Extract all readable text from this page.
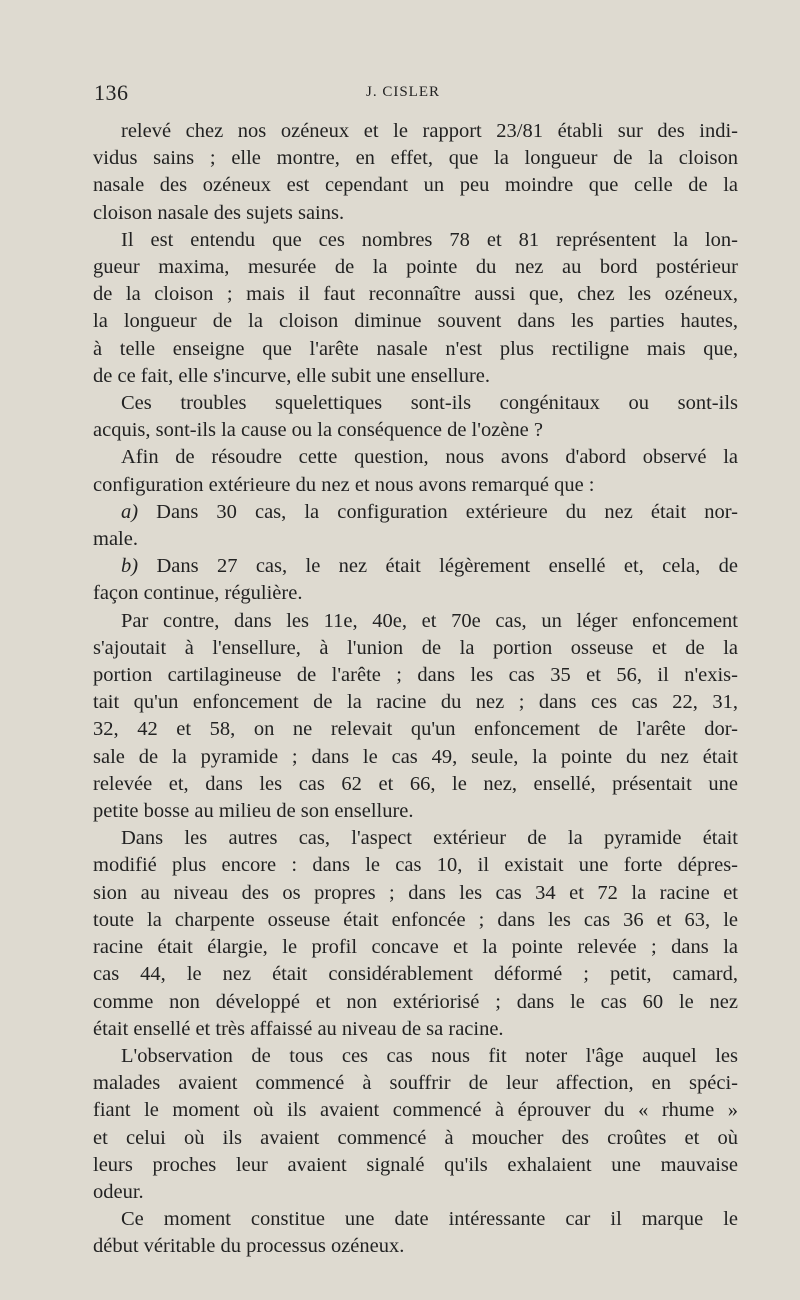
136	J. CISLER
relevé chez nos ozéneux et le rapport 23/81 établi sur des indi-
vidus sains ; elle montre, en effet, que la longueur de la cloison
nasale des ozéneux est cependant un peu moindre que celle de la
cloison nasale des sujets sains.
Il est entendu que ces nombres 78 et 81 représentent la lon-
gueur maxima, mesurée de la pointe du nez au bord postérieur
de la cloison ; mais il faut reconnaître aussi que, chez les ozéneux,
la longueur de la cloison diminue souvent dans les parties hautes,
à telle enseigne que l'arête nasale n'est plus rectiligne mais que,
de ce fait, elle s'incurve, elle subit une ensellure.
Ces troubles squelettiques sont-ils congénitaux ou sont-ils
acquis, sont-ils la cause ou la conséquence de l'ozène ?
Afin de résoudre cette question, nous avons d'abord observé la
configuration extérieure du nez et nous avons remarqué que :
a) Dans 30 cas, la configuration extérieure du nez était nor-
male.
b) Dans 27 cas, le nez était légèrement ensellé et, cela, de
façon continue, régulière.
Par contre, dans les 11e, 40e, et 70e cas, un léger enfoncement
s'ajoutait à l'ensellure, à l'union de la portion osseuse et de la
portion cartilagineuse de l'arête ; dans les cas 35 et 56, il n'exis-
tait qu'un enfoncement de la racine du nez ; dans ces cas 22, 31,
32, 42 et 58, on ne relevait qu'un enfoncement de l'arête dor-
sale de la pyramide ; dans le cas 49, seule, la pointe du nez était
relevée et, dans les cas 62 et 66, le nez, ensellé, présentait une
petite bosse au milieu de son ensellure.
Dans les autres cas, l'aspect extérieur de la pyramide était
modifié plus encore : dans le cas 10, il existait une forte dépres-
sion au niveau des os propres ; dans les cas 34 et 72 la racine et
toute la charpente osseuse était enfoncée ; dans les cas 36 et 63, le
racine était élargie, le profil concave et la pointe relevée ; dans la
cas 44, le nez était considérablement déformé ; petit, camard,
comme non développé et non extériorisé ; dans le cas 60 le nez
était ensellé et très affaissé au niveau de sa racine.
L'observation de tous ces cas nous fit noter l'âge auquel les
malades avaient commencé à souffrir de leur affection, en spéci-
fiant le moment où ils avaient commencé à éprouver du « rhume »
et celui où ils avaient commencé à moucher des croûtes et où
leurs proches leur avaient signalé qu'ils exhalaient une mauvaise
odeur.
Ce moment constitue une date intéressante car il marque le
début véritable du processus ozéneux.
